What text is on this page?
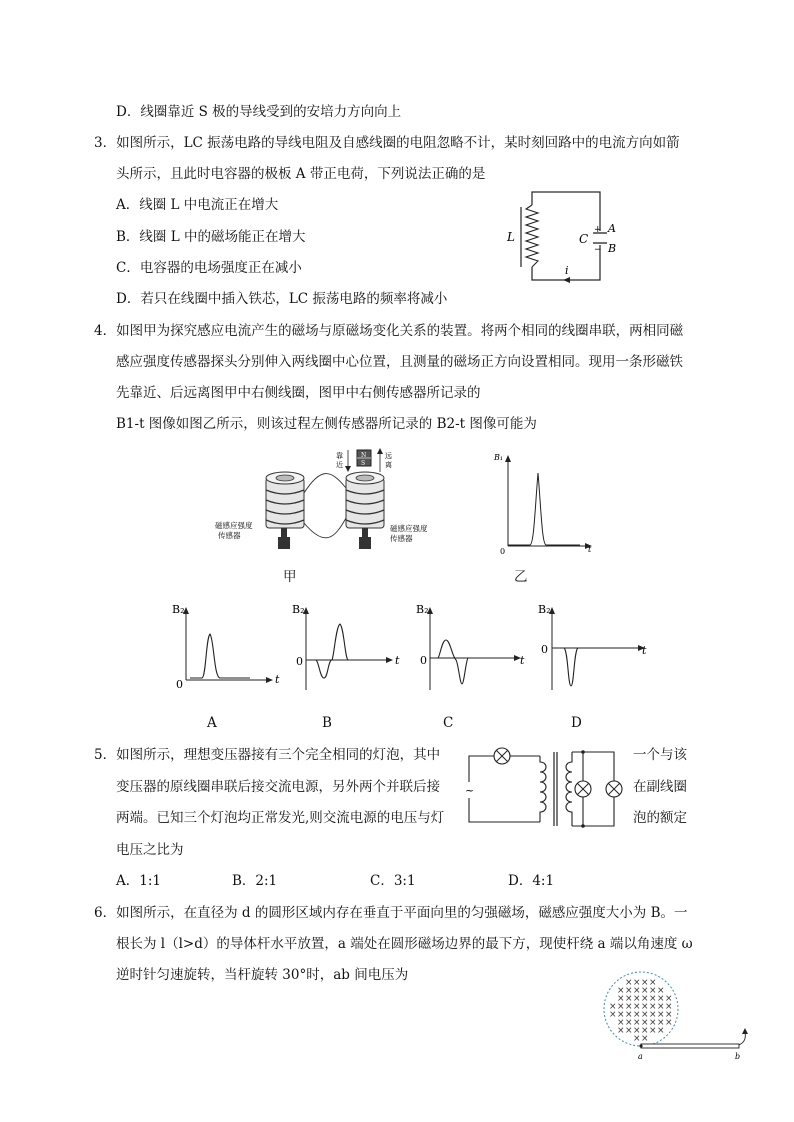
D．线圈靠近 S 极的导线受到的安培力方向向上
3．如图所示，LC 振荡电路的导线电阻及自感线圈的电阻忽略不计，某时刻回路中的电流方向如箭
头所示，且此时电容器的极板 A 带正电荷，下列说法正确的是
A．线圈 L 中电流正在增大
B．线圈 L 中的磁场能正在增大
C．电容器的电场强度正在减小
D．若只在线圈中插入铁芯，LC 振荡电路的频率将减小
L	C
+
−
A
B
i
4．如图甲为探究感应电流产生的磁场与原磁场变化关系的装置。将两个相同的线圈串联，两相同磁
感应强度传感器探头分别伸入两线圈中心位置，且测量的磁场正方向设置相同。现用一条形磁铁
先靠近、后远离图甲中右侧线圈，图甲中右侧传感器所记录的
B1-t 图像如图乙所示，则该过程左侧传感器所记录的 B2-t 图像可能为
N
S
靠
近
远
离
磁感应强度
传感器
磁感应强度
传感器
甲
B₁
t
0
乙
B₂
t
0
B₂
t
0
B₂
t
0
B₂
t
0
A	B	C	D
5．如图所示，理想变压器接有三个完全相同的灯泡，其中
变压器的原线圈串联后接交流电源，另外两个并联后接
两端。已知三个灯泡均正常发光,则交流电源的电压与灯
电压之比为
一个与该
在副线圈
泡的额定
~
A．1:1	B．2:1	C．3:1	D．4:1
6．如图所示，在直径为 d 的圆形区域内存在垂直于平面向里的匀强磁场，磁感应强度大小为 B。一
根长为 l（l>d）的导体杆水平放置，a 端处在圆形磁场边界的最下方，现使杆绕 a 端以角速度 ω
逆时针匀速旋转，当杆旋转 30°时，ab 间电压为	× × × ×
× × × × × ×
× × × × × × ×
× × × × × × × ×
× × × × × × × ×
× × × × × × ×
× × × × × ×
× ×
a	b
